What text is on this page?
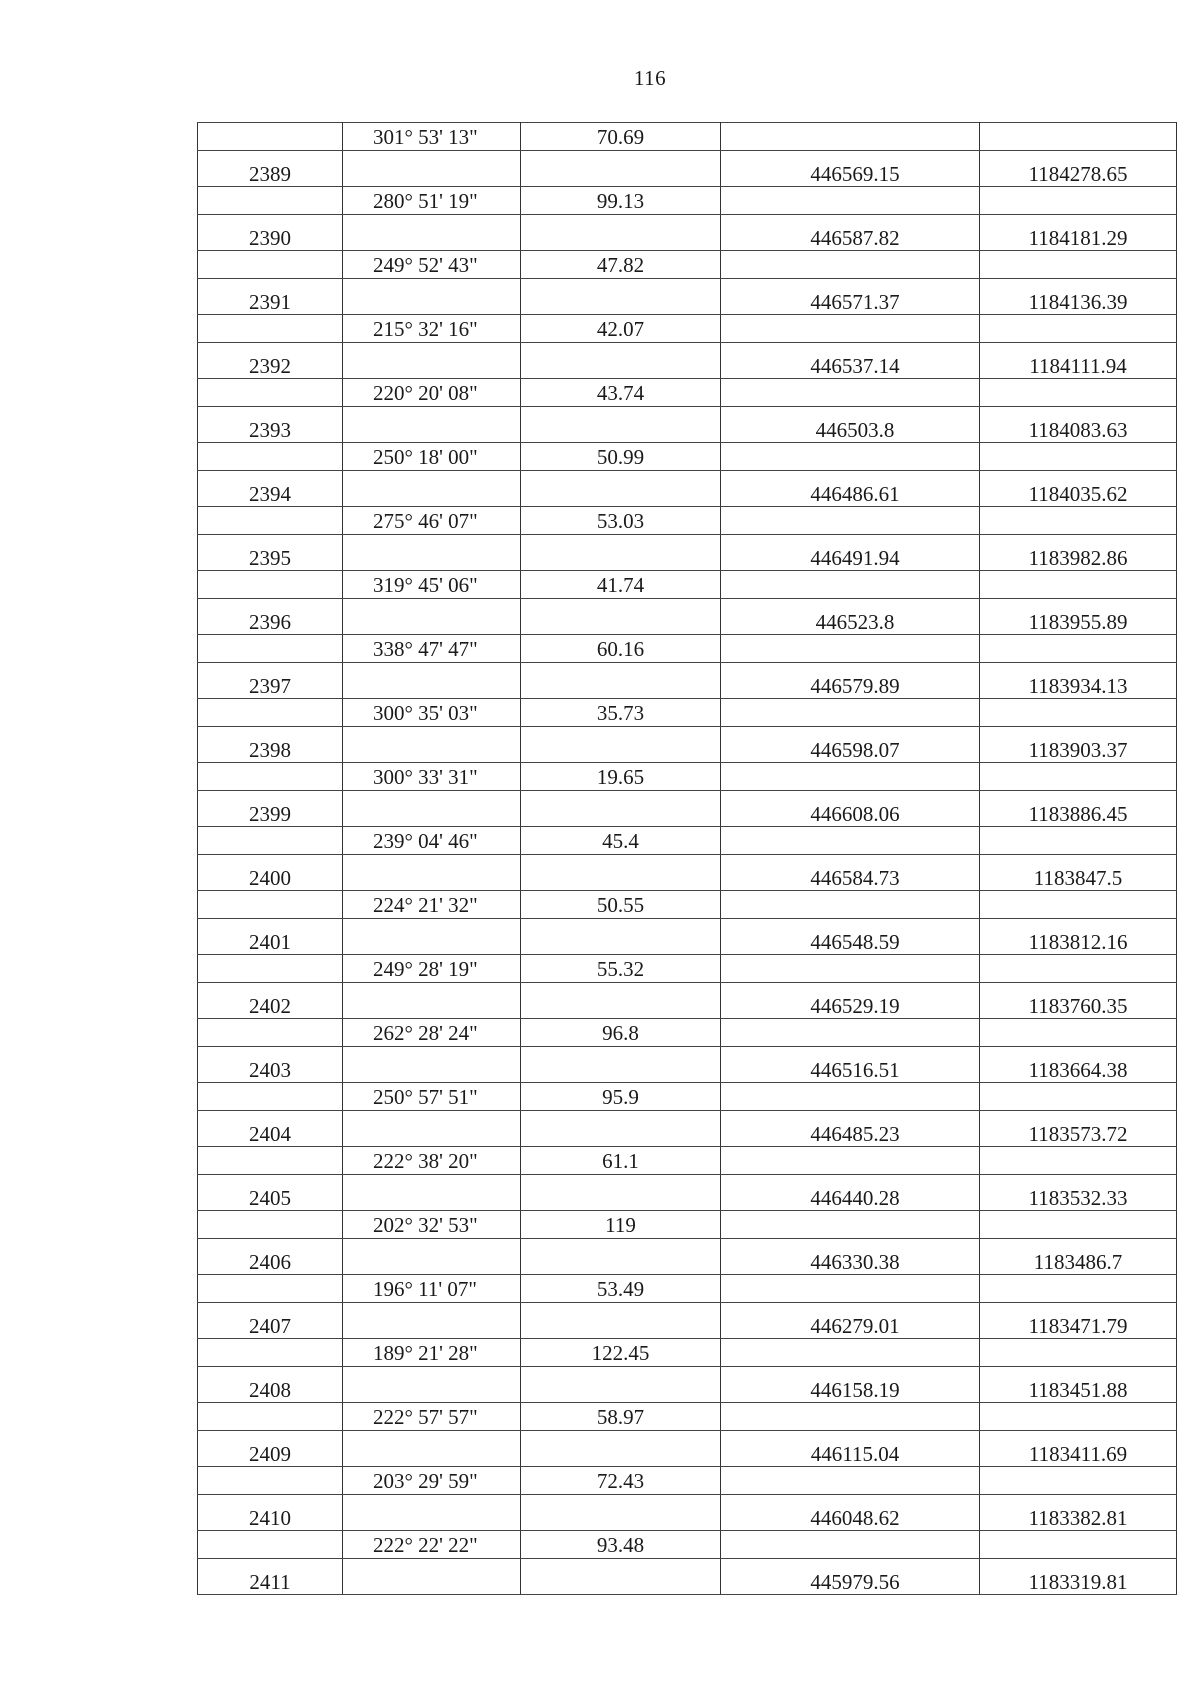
116
	301° 53' 13"	70.69		
2389			446569.15	1184278.65
	280° 51' 19"	99.13		
2390			446587.82	1184181.29
	249° 52' 43"	47.82		
2391			446571.37	1184136.39
	215° 32' 16"	42.07		
2392			446537.14	1184111.94
	220° 20' 08"	43.74		
2393			446503.8	1184083.63
	250° 18' 00"	50.99		
2394			446486.61	1184035.62
	275° 46' 07"	53.03		
2395			446491.94	1183982.86
	319° 45' 06"	41.74		
2396			446523.8	1183955.89
	338° 47' 47"	60.16		
2397			446579.89	1183934.13
	300° 35' 03"	35.73		
2398			446598.07	1183903.37
	300° 33' 31"	19.65		
2399			446608.06	1183886.45
	239° 04' 46"	45.4		
2400			446584.73	1183847.5
	224° 21' 32"	50.55		
2401			446548.59	1183812.16
	249° 28' 19"	55.32		
2402			446529.19	1183760.35
	262° 28' 24"	96.8		
2403			446516.51	1183664.38
	250° 57' 51"	95.9		
2404			446485.23	1183573.72
	222° 38' 20"	61.1		
2405			446440.28	1183532.33
	202° 32' 53"	119		
2406			446330.38	1183486.7
	196° 11' 07"	53.49		
2407			446279.01	1183471.79
	189° 21' 28"	122.45		
2408			446158.19	1183451.88
	222° 57' 57"	58.97		
2409			446115.04	1183411.69
	203° 29' 59"	72.43		
2410			446048.62	1183382.81
	222° 22' 22"	93.48		
2411			445979.56	1183319.81
